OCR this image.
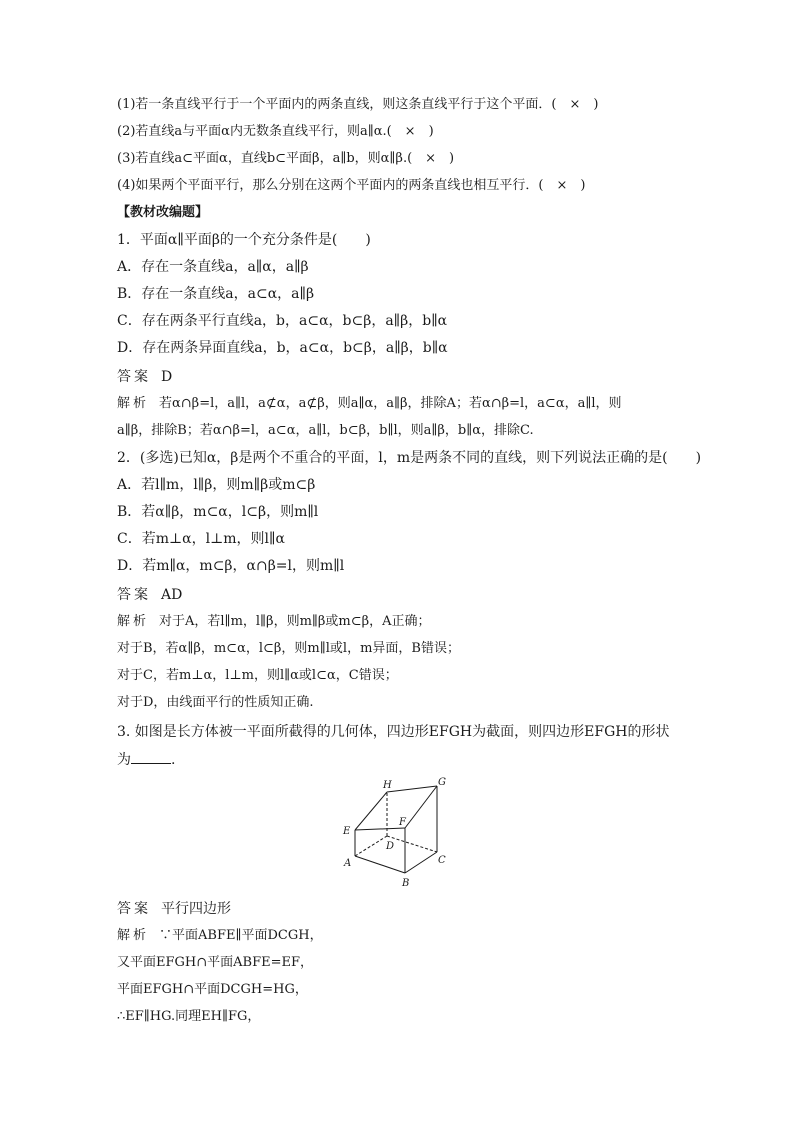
(1)若一条直线平行于一个平面内的两条直线，则这条直线平行于这个平面．(　×　)
(2)若直线a与平面α内无数条直线平行，则a∥α.(　×　)
(3)若直线a⊂平面α，直线b⊂平面β，a∥b，则α∥β.(　×　)
(4)如果两个平面平行，那么分别在这两个平面内的两条直线也相互平行．(　×　)
【教材改编题】
1．平面α∥平面β的一个充分条件是(　　)
A．存在一条直线a，a∥α，a∥β
B．存在一条直线a，a⊂α，a∥β
C．存在两条平行直线a，b，a⊂α，b⊂β，a∥β，b∥α
D．存在两条异面直线a，b，a⊂α，b⊂β，a∥β，b∥α
答案 D
解析 若α∩β=l，a∥l，a⊄α，a⊄β，则a∥α，a∥β，排除A；若α∩β=l，a⊂α，a∥l，则
a∥β，排除B；若α∩β=l，a⊂α，a∥l，b⊂β，b∥l，则a∥β，b∥α，排除C.
2．(多选)已知α，β是两个不重合的平面，l，m是两条不同的直线，则下列说法正确的是(　　)
A．若l∥m，l∥β，则m∥β或m⊂β
B．若α∥β，m⊂α，l⊂β，则m∥l
C．若m⊥α，l⊥m，则l∥α
D．若m∥α，m⊂β，α∩β=l，则m∥l
答案 AD
解析 对于A，若l∥m，l∥β，则m∥β或m⊂β，A正确；
对于B，若α∥β，m⊂α，l⊂β，则m∥l或l，m异面，B错误；
对于C，若m⊥α，l⊥m，则l∥α或l⊂α，C错误；
对于D，由线面平行的性质知正确.
3. 如图是长方体被一平面所截得的几何体，四边形EFGH为截面，则四边形EFGH的形状
为	.
A
B
C
D
E
F
G
H
答案 平行四边形
解析 ∵平面ABFE∥平面DCGH，
又平面EFGH∩平面ABFE=EF，
平面EFGH∩平面DCGH=HG，
∴EF∥HG.同理EH∥FG，
